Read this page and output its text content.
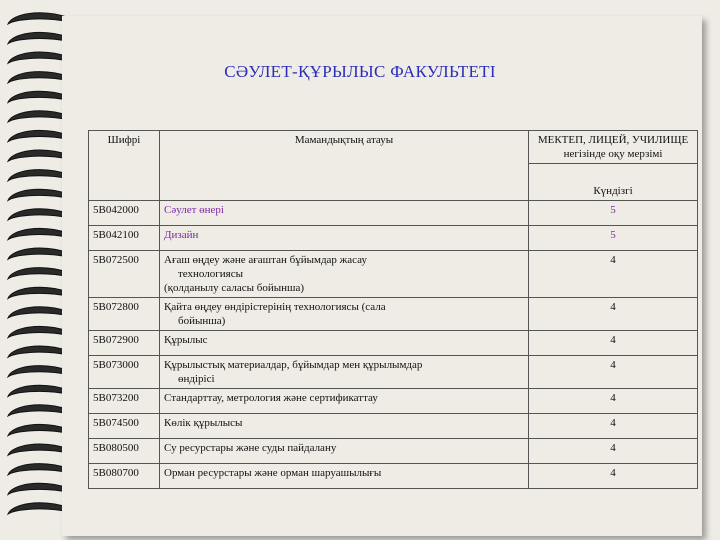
СӘУЛЕТ-ҚҰРЫЛЫС ФАКУЛЬТЕТІ
Шифрі	Мамандықтың атауы	МЕКТЕП, ЛИЦЕЙ, УЧИЛИЩЕ
негізінде оқу мерзімі

		Күндізгі
5В042000	Сәулет өнері	5
5В042100	Дизайн	5
5В072500	Ағаш өңдеу және ағаштан бұйымдар жасау
технологиясы
(қолданылу саласы бойынша)	4
5В072800	Қайта өңдеу өндірістерінің технологиясы (сала
бойынша)	4
5В072900	Құрылыс	4
5В073000	Құрылыстық материалдар, бұйымдар мен құрылымдар
өндірісі	4
5В073200	Стандарттау, метрология және сертификаттау	4
5В074500	Көлік құрылысы	4
5В080500	Су ресурстары және суды пайдалану	4
5В080700	Орман ресурстары және орман шаруашылығы	4
